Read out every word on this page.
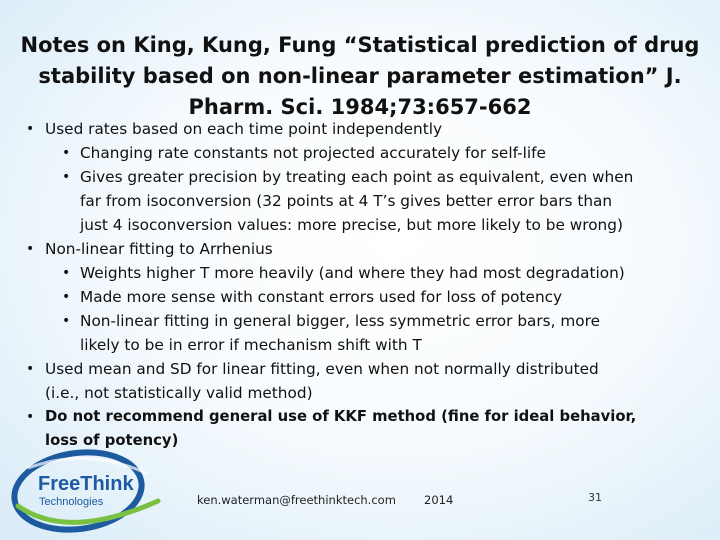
Notes on King, Kung, Fung “Statistical prediction of drug
stability based on non-linear parameter estimation” J.
Pharm. Sci. 1984;73:657-662
• Used rates based on each time point independently
• Changing rate constants not projected accurately for self-life
• Gives greater precision by treating each point as equivalent, even when
far from isoconversion (32 points at 4 T’s gives better error bars than
just 4 isoconversion values: more precise, but more likely to be wrong)
• Non-linear fitting to Arrhenius
• Weights higher T more heavily (and where they had most degradation)
• Made more sense with constant errors used for loss of potency
• Non-linear fitting in general bigger, less symmetric error bars, more
likely to be in error if mechanism shift with T
• Used mean and SD for linear fitting, even when not normally distributed
(i.e., not statistically valid method)
• Do not recommend general use of KKF method (fine for ideal behavior,
loss of potency)
FreeThink
Technologies	ken.waterman@freethinktech.com 2014	31
